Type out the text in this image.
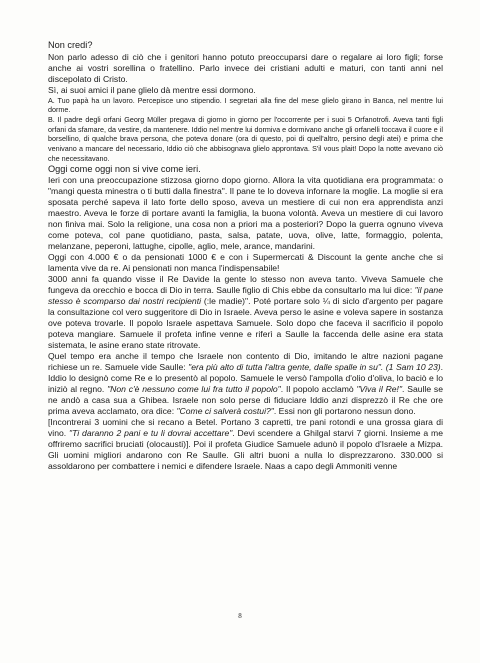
Non credi?

Non parlo adesso di ciò che i genitori hanno potuto preoccuparsi dare o regalare ai loro figli; forse anche ai vostri sorellina o fratellino. Parlo invece dei cristiani adulti e maturi, con tanti anni nel discepolato di Cristo.

Sì, ai suoi amici il pane glielo dà mentre essi dormono.

A. Tuo papà ha un lavoro. Percepisce uno stipendio. I segretari alla fine del mese glielo girano in Banca, nel mentre lui dorme.

B. Il padre degli orfani Georg Müller pregava di giorno in giorno per l'occorrente per i suoi 5 Orfanotrofi. Aveva tanti figli orfani da sfamare, da vestire, da mantenere. Iddio nel mentre lui dormiva e dormivano anche gli orfanelli toccava il cuore e il borsellino, di qualche brava persona, che poteva donare (ora di questo, poi di quell'altro, persino degli atei) e prima che venivano a mancare del necessario, Iddio ciò che abbisognava glielo approntava. S'il vous plait! Dopo la notte avevano ciò che necessitavano.

Oggi come oggi non si vive come ieri.

Ieri con una preoccupazione stizzosa giorno dopo giorno. Allora la vita quotidiana era programmata: o "mangi questa minestra o ti butti dalla finestra". Il pane te lo doveva infornare la moglie. La moglie si era sposata perché sapeva il lato forte dello sposo, aveva un mestiere di cui non era apprendista anzi maestro. Aveva le forze di portare avanti la famiglia, la buona volontà. Aveva un mestiere di cui lavoro non finiva mai. Solo la religione, una cosa non a priori ma a posteriori? Dopo la guerra ognuno viveva come poteva, col pane quotidiano, pasta, salsa, patate, uova, olive, latte, formaggio, polenta, melanzane, peperoni, lattughe, cipolle, aglio, mele, arance, mandarini.

Oggi con 4.000 € o da pensionati 1000 € e con i Supermercati & Discount la gente anche che si lamenta vive da re. Ai pensionati non manca l'indispensabile!

3000 anni fa quando visse il Re Davide la gente lo stesso non aveva tanto. Viveva Samuele che fungeva da orecchio e bocca di Dio in terra. Saulle figlio di Chis ebbe da consultarlo ma lui dice: "il pane stesso è scomparso dai nostri recipienti (:le madie)". Poté portare solo ¼ di siclo d'argento per pagare la consultazione col vero suggeritore di Dio in Israele. Aveva perso le asine e voleva sapere in sostanza ove poteva trovarle. Il popolo Israele aspettava Samuele. Solo dopo che faceva il sacrificio il popolo poteva mangiare. Samuele il profeta infine venne e riferì a Saulle la faccenda delle asine era stata sistemata, le asine erano state ritrovate.

Quel tempo era anche il tempo che Israele non contento di Dio, imitando le altre nazioni pagane richiese un re. Samuele vide Saulle: "era più alto di tutta l'altra gente, dalle spalle in su". (1 Sam 10 23). Iddio lo designò come Re e lo presentò al popolo. Samuele le versò l'ampolla d'olio d'oliva, lo baciò e lo iniziò al regno. "Non c'è nessuno come lui fra tutto il popolo". Il popolo acclamò "Viva il Re!". Saulle se ne andò a casa sua a Ghibea. Israele non solo perse di fiduciare Iddio anzi disprezzò il Re che ore prima aveva acclamato, ora dice: "Come ci salverà costui?". Essi non gli portarono nessun dono.

[Incontrerai 3 uomini che si recano a Betel. Portano 3 capretti, tre pani rotondi e una grossa giara di vino. "Ti daranno 2 pani e tu li dovrai accettare". Devi scendere a Ghilgal starvi 7 giorni. Insieme a me offriremo sacrifici bruciati (olocausti)]. Poi il profeta Giudice Samuele adunò il popolo d'Israele a Mizpa. Gli uomini migliori andarono con Re Saulle. Gli altri buoni a nulla lo disprezzarono. 330.000 si assoldarono per combattere i nemici e difendere Israele. Naas a capo degli Ammoniti venne

8
